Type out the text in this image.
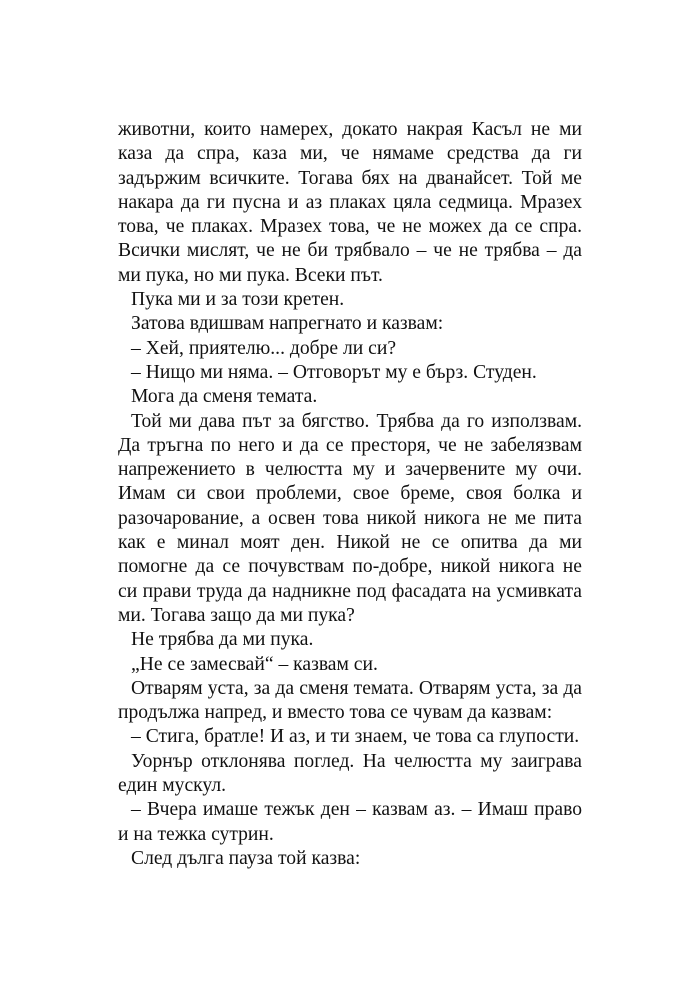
животни, които намерех, докато накрая Касъл не ми каза да спра, каза ми, че нямаме средства да ги задържим всичките. Тогава бях на дванайсет. Той ме накара да ги пусна и аз плаках цяла седмица. Мразех това, че плаках. Мразех това, че не можех да се спра. Всички мислят, че не би трябвало – че не трябва – да ми пука, но ми пука. Всеки път.

Пука ми и за този кретен.

Затова вдишвам напрегнато и казвам:

– Хей, приятелю... добре ли си?

– Нищо ми няма. – Отговорът му е бърз. Студен.

Мога да сменя темата.

Той ми дава път за бягство. Трябва да го използвам. Да тръгна по него и да се престоря, че не забелязвам напрежението в челюстта му и зачервените му очи. Имам си свои проблеми, свое бреме, своя болка и разочарование, а освен това никой никога не ме пита как е минал моят ден. Никой не се опитва да ми помогне да се почувствам по-добре, никой никога не си прави труда да надникне под фасадата на усмивката ми. Тогава защо да ми пука?

Не трябва да ми пука.

„Не се замесвай“ – казвам си.

Отварям уста, за да сменя темата. Отварям уста, за да продължа напред, и вместо това се чувам да казвам:

– Стига, братле! И аз, и ти знаем, че това са глупости.

Уорнър отклонява поглед. На челюстта му заиграва един мускул.

– Вчера имаше тежък ден – казвам аз. – Имаш право и на тежка сутрин.

След дълга пауза той казва:
